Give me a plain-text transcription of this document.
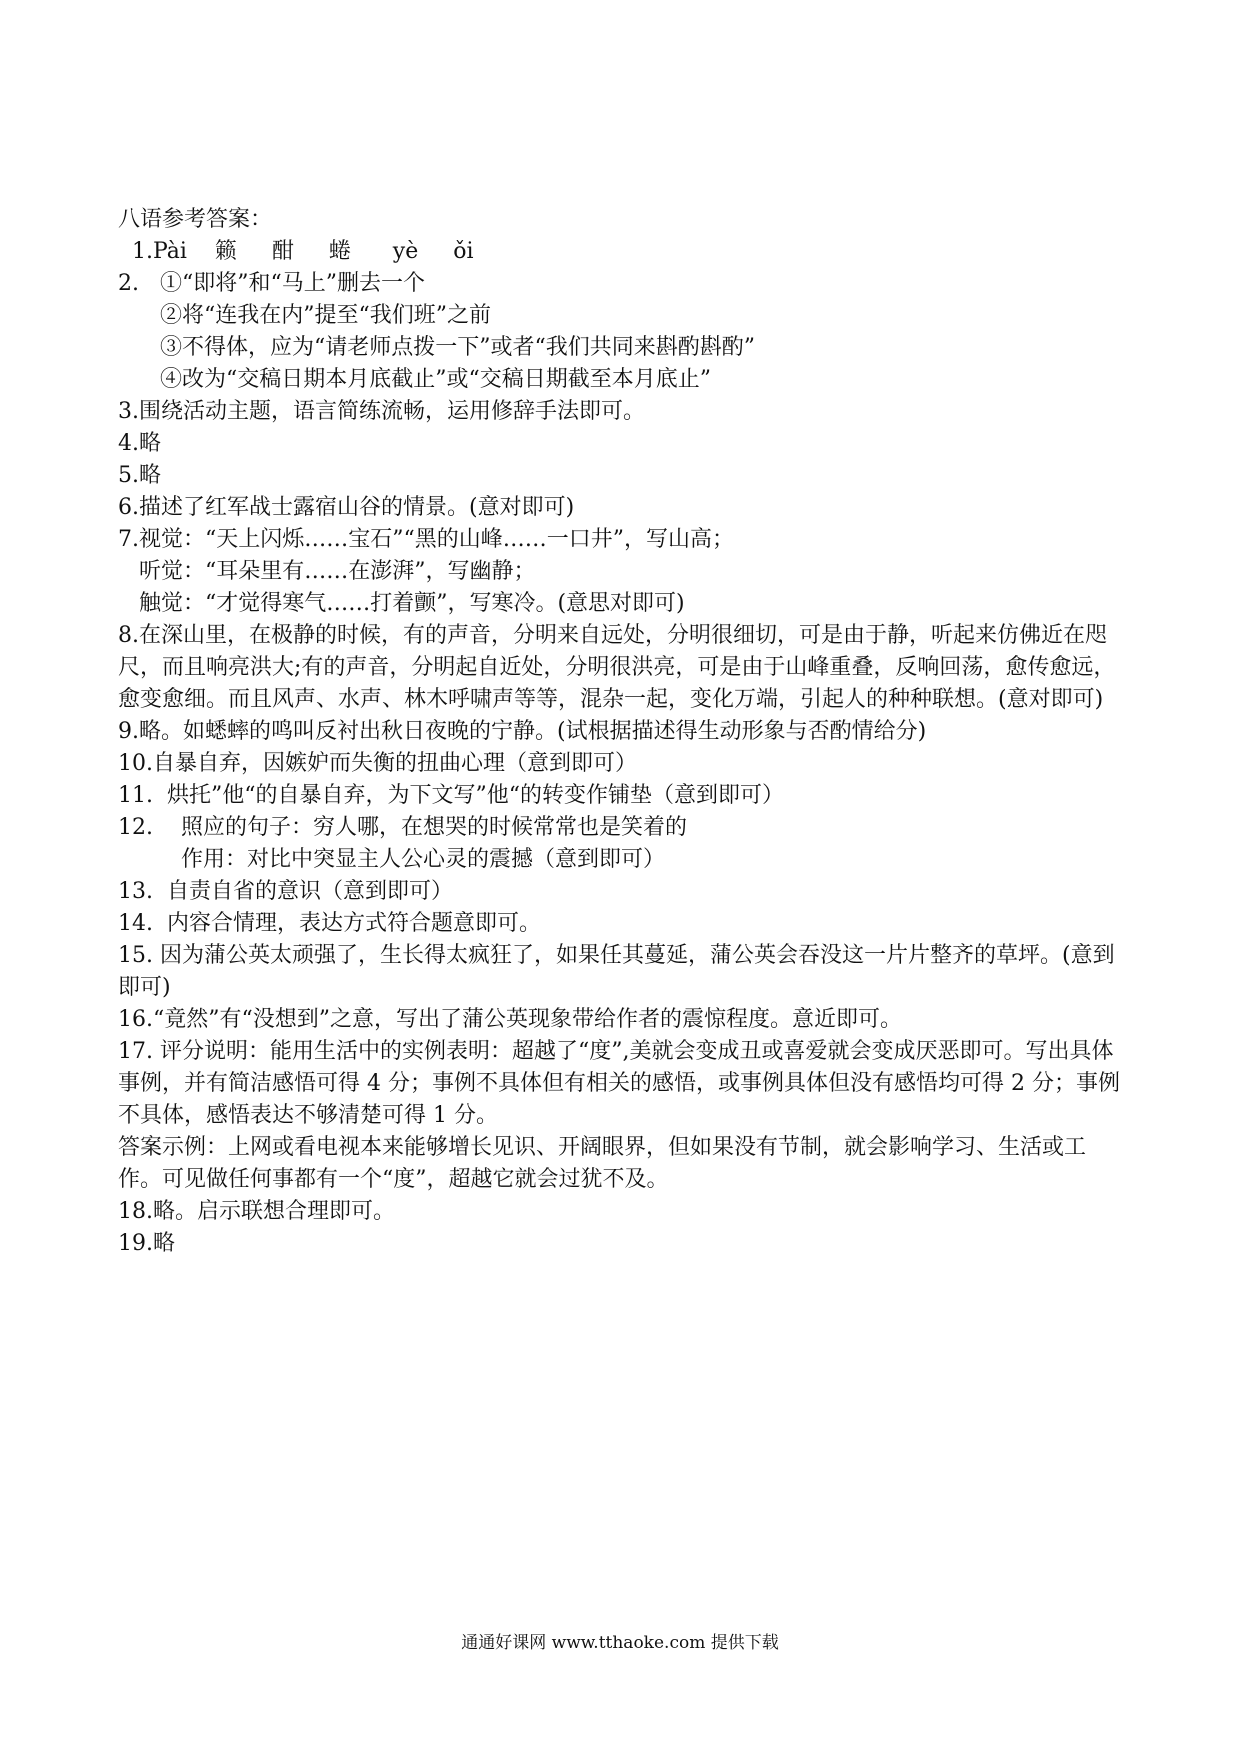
八语参考答案：
1.Pài    籁     酣     蜷      yè     ǒi
2.   ①“即将”和“马上”删去一个
②将“连我在内”提至“我们班”之前
③不得体，应为“请老师点拨一下”或者“我们共同来斟酌斟酌”
④改为“交稿日期本月底截止”或“交稿日期截至本月底止”
3.围绕活动主题，语言简练流畅，运用修辞手法即可。
4.略
5.略
6.描述了红军战士露宿山谷的情景。(意对即可)
7.视觉：“天上闪烁……宝石”“黑的山峰……一口井”，写山高；
听觉：“耳朵里有……在澎湃”，写幽静；
触觉：“才觉得寒气……打着颤”，写寒冷。(意思对即可)
8.在深山里，在极静的时候，有的声音，分明来自远处，分明很细切，可是由于静，听起来仿佛近在咫尺，而且响亮洪大;有的声音，分明起自近处，分明很洪亮，可是由于山峰重叠，反响回荡，愈传愈远，愈变愈细。而且风声、水声、林木呼啸声等等，混杂一起，变化万端，引起人的种种联想。(意对即可)
9.略。如蟋蟀的鸣叫反衬出秋日夜晚的宁静。(试根据描述得生动形象与否酌情给分)
10.自暴自弃，因嫉妒而失衡的扭曲心理（意到即可）
11.  烘托”他“的自暴自弃，为下文写”他“的转变作铺垫（意到即可）
12.    照应的句子：穷人哪，在想哭的时候常常也是笑着的
作用：对比中突显主人公心灵的震撼（意到即可）
13.  自责自省的意识（意到即可）
14.  内容合情理，表达方式符合题意即可。
15. 因为蒲公英太顽强了，生长得太疯狂了，如果任其蔓延，蒲公英会吞没这一片片整齐的草坪。(意到即可)
16.“竟然”有“没想到”之意，写出了蒲公英现象带给作者的震惊程度。意近即可。
17. 评分说明：能用生活中的实例表明：超越了“度”,美就会变成丑或喜爱就会变成厌恶即可。写出具体事例，并有简洁感悟可得 4 分；事例不具体但有相关的感悟，或事例具体但没有感悟均可得 2 分；事例不具体，感悟表达不够清楚可得 1 分。
答案示例：上网或看电视本来能够增长见识、开阔眼界，但如果没有节制，就会影响学习、生活或工作。可见做任何事都有一个“度”，超越它就会过犹不及。
18.略。启示联想合理即可。
19.略
通通好课网 www.tthaoke.com 提供下载
